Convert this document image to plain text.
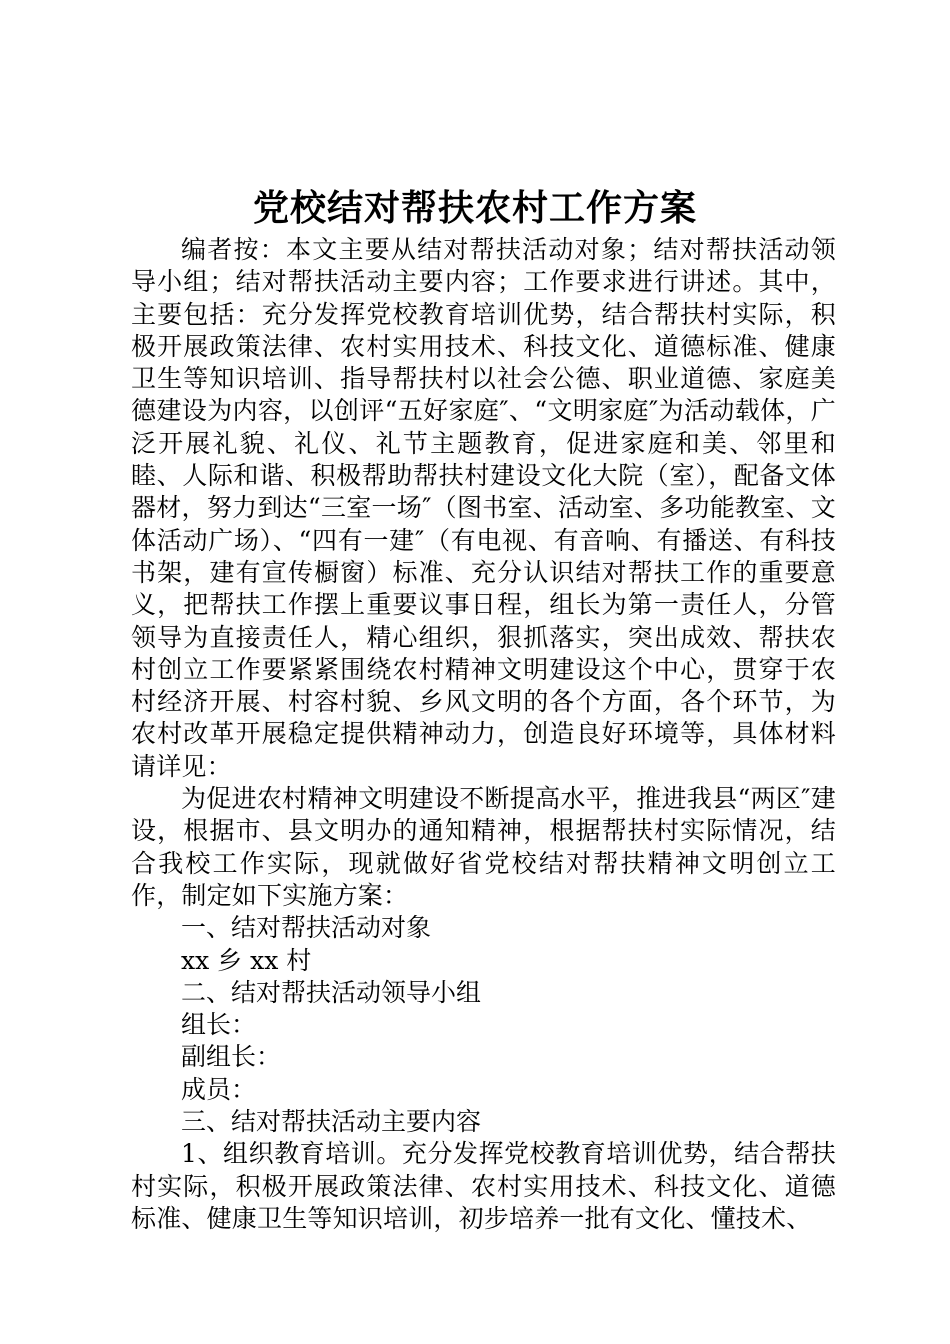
党校结对帮扶农村工作方案

编者按：本文主要从结对帮扶活动对象；结对帮扶活动领导小组；结对帮扶活动主要内容；工作要求进行讲述。其中，主要包括：充分发挥党校教育培训优势，结合帮扶村实际，积极开展政策法律、农村实用技术、科技文化、道德标准、健康卫生等知识培训、指导帮扶村以社会公德、职业道德、家庭美德建设为内容，以创评“五好家庭″、“文明家庭″为活动载体，广泛开展礼貌、礼仪、礼节主题教育，促进家庭和美、邻里和睦、人际和谐、积极帮助帮扶村建设文化大院（室），配备文体器材，努力到达“三室一场″（图书室、活动室、多功能教室、文体活动广场）、“四有一建″（有电视、有音响、有播送、有科技书架，建有宣传橱窗）标准、充分认识结对帮扶工作的重要意义，把帮扶工作摆上重要议事日程，组长为第一责任人，分管领导为直接责任人，精心组织，狠抓落实，突出成效、帮扶农村创立工作要紧紧围绕农村精神文明建设这个中心，贯穿于农村经济开展、村容村貌、乡风文明的各个方面，各个环节，为农村改革开展稳定提供精神动力，创造良好环境等，具体材料请详见：

为促进农村精神文明建设不断提高水平，推进我县“两区″建设，根据市、县文明办的通知精神，根据帮扶村实际情况，结合我校工作实际，现就做好省党校结对帮扶精神文明创立工作，制定如下实施方案：

一、结对帮扶活动对象

xx 乡 xx 村

二、结对帮扶活动领导小组

组长：

副组长：

成员：

三、结对帮扶活动主要内容

1、组织教育培训。充分发挥党校教育培训优势，结合帮扶村实际，积极开展政策法律、农村实用技术、科技文化、道德标准、健康卫生等知识培训，初步培养一批有文化、懂技术、
